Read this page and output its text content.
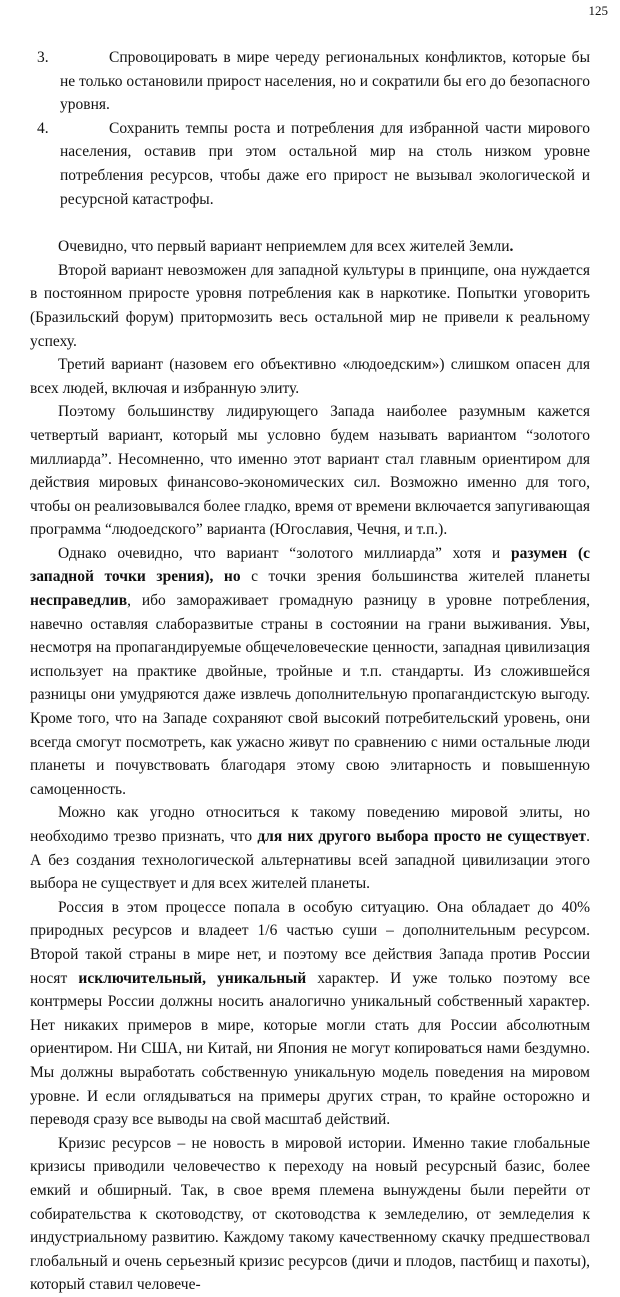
125
3.	Спровоцировать в мире череду региональных конфликтов, которые бы не только остановили прирост населения, но и сократили бы его до безопасного уровня.
4.	Сохранить темпы роста и потребления для избранной части мирового населения, оставив при этом остальной мир на столь низком уровне потребления ресурсов, чтобы даже его прирост не вызывал экологической и ресурсной катастрофы.

Очевидно, что первый вариант неприемлем для всех жителей Земли.

Второй вариант невозможен для западной культуры в принципе, она нуждается в постоянном приросте уровня потребления как в наркотике. Попытки уговорить (Бразильский форум) притормозить весь остальной мир не привели к реальному успеху.

Третий вариант (назовем его объективно «людоедским») слишком опасен для всех людей, включая и избранную элиту.

Поэтому большинству лидирующего Запада наиболее разумным кажется четвертый вариант, который мы условно будем называть вариантом “золотого миллиарда”. Несомненно, что именно этот вариант стал главным ориентиром для действия мировых финансово-экономических сил. Возможно именно для того, чтобы он реализовывался более гладко, время от времени включается запугивающая программа “людоедского” варианта (Югославия, Чечня, и т.п.).

Однако очевидно, что вариант “золотого миллиарда” хотя и разумен (с западной точки зрения), но с точки зрения большинства жителей планеты несправедлив, ибо замораживает громадную разницу в уровне потребления, навечно оставляя слаборазвитые страны в состоянии на грани выживания. Увы, несмотря на пропагандируемые общечеловеческие ценности, западная цивилизация использует на практике двойные, тройные и т.п. стандарты. Из сложившейся разницы они умудряются даже извлечь дополнительную пропагандистскую выгоду. Кроме того, что на Западе сохраняют свой высокий потребительский уровень, они всегда смогут посмотреть, как ужасно живут по сравнению с ними остальные люди планеты и почувствовать благодаря этому свою элитарность и повышенную самоценность.

Можно как угодно относиться к такому поведению мировой элиты, но необходимо трезво признать, что для них другого выбора просто не существует. А без создания технологической альтернативы всей западной цивилизации этого выбора не существует и для всех жителей планеты.

Россия в этом процессе попала в особую ситуацию. Она обладает до 40% природных ресурсов и владеет 1/6 частью суши – дополнительным ресурсом. Второй такой страны в мире нет, и поэтому все действия Запада против России носят исключительный, уникальный характер. И уже только поэтому все контрмеры России должны носить аналогично уникальный собственный характер. Нет никаких примеров в мире, которые могли стать для России абсолютным ориентиром. Ни США, ни Китай, ни Япония не могут копироваться нами бездумно. Мы должны выработать собственную уникальную модель поведения на мировом уровне. И если оглядываться на примеры других стран, то крайне осторожно и переводя сразу все выводы на свой масштаб действий.

Кризис ресурсов – не новость в мировой истории. Именно такие глобальные кризисы приводили человечество к переходу на новый ресурсный базис, более емкий и обширный. Так, в свое время племена вынуждены были перейти от собирательства к скотоводству, от скотоводства к земледелию, от земледелия к индустриальному развитию. Каждому такому качественному скачку предшествовал глобальный и очень серьезный кризис ресурсов (дичи и плодов, пастбищ и пахоты), который ставил человече-
